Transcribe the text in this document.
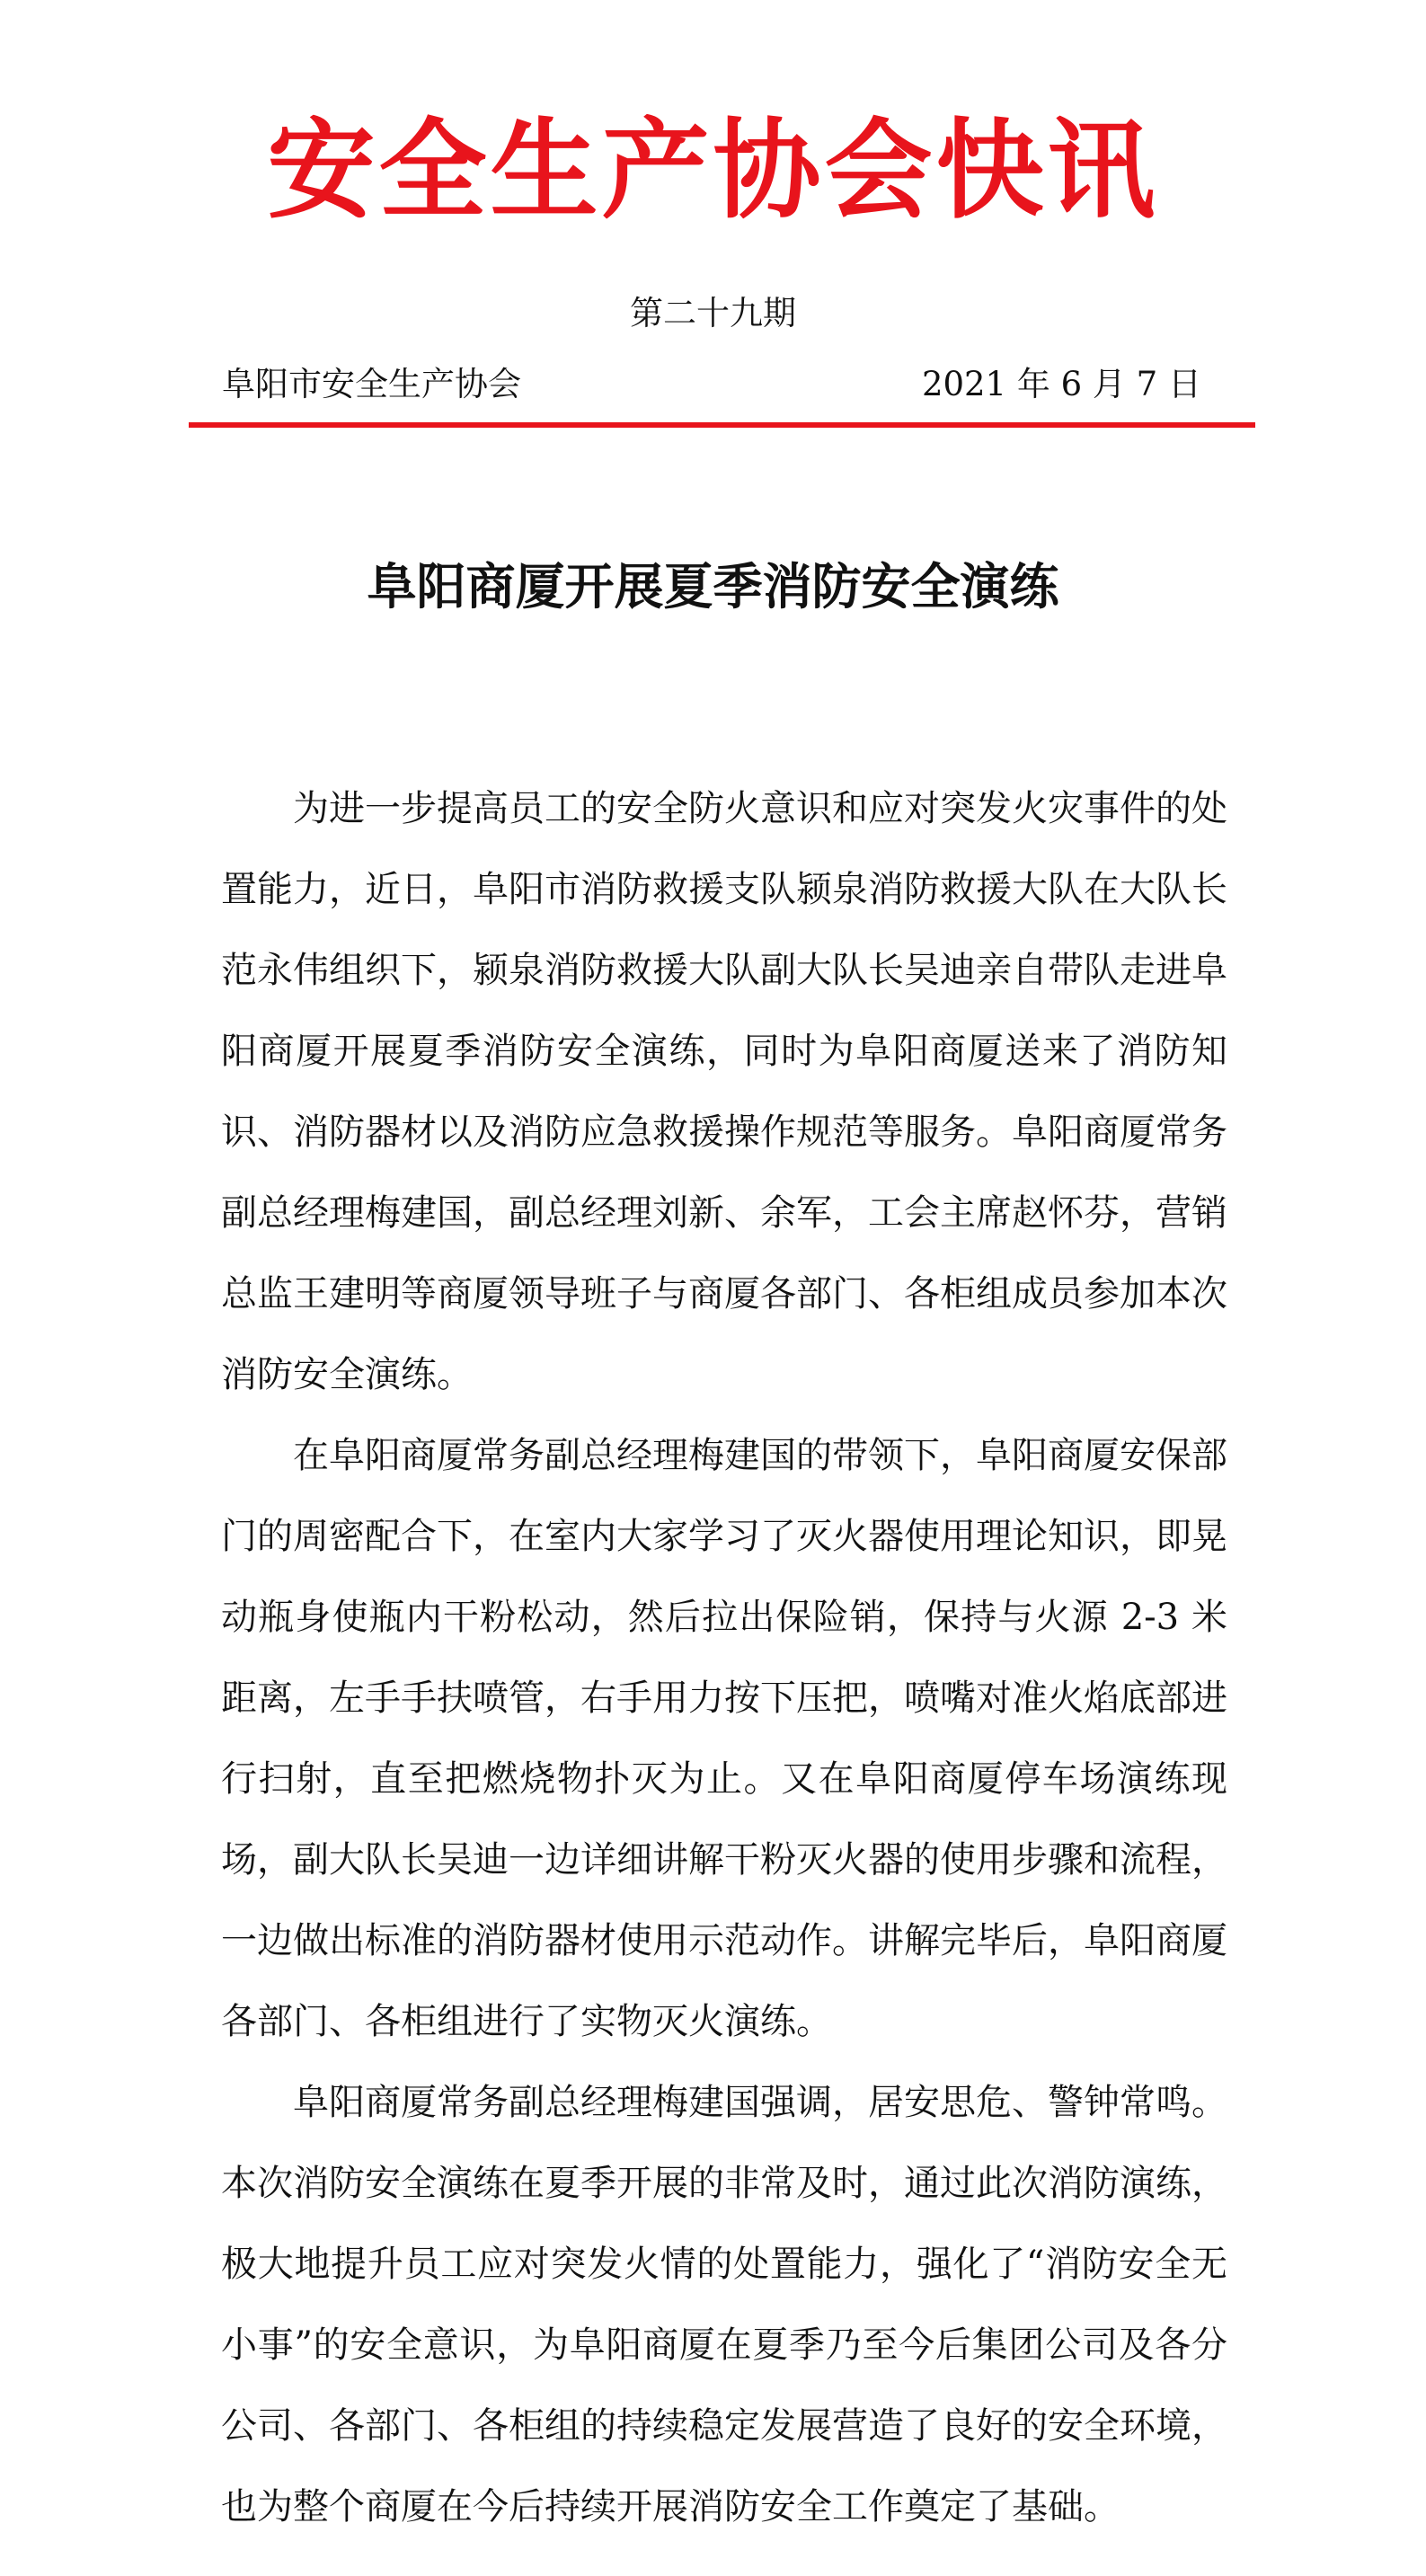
安全生产协会快讯
第二十九期
阜阳市安全生产协会	2021 年 6 月 7 日
阜阳商厦开展夏季消防安全演练

为进一步提高员工的安全防火意识和应对突发火灾事件的处置能力，近日，阜阳市消防救援支队颍泉消防救援大队在大队长范永伟组织下，颍泉消防救援大队副大队长吴迪亲自带队走进阜阳商厦开展夏季消防安全演练，同时为阜阳商厦送来了消防知识、消防器材以及消防应急救援操作规范等服务。阜阳商厦常务副总经理梅建国，副总经理刘新、余军，工会主席赵怀芬，营销总监王建明等商厦领导班子与商厦各部门、各柜组成员参加本次消防安全演练。

在阜阳商厦常务副总经理梅建国的带领下，阜阳商厦安保部门的周密配合下，在室内大家学习了灭火器使用理论知识，即晃动瓶身使瓶内干粉松动，然后拉出保险销，保持与火源 2-3 米距离，左手手扶喷管，右手用力按下压把，喷嘴对准火焰底部进行扫射，直至把燃烧物扑灭为止。又在阜阳商厦停车场演练现场，副大队长吴迪一边详细讲解干粉灭火器的使用步骤和流程，一边做出标准的消防器材使用示范动作。讲解完毕后，阜阳商厦各部门、各柜组进行了实物灭火演练。

阜阳商厦常务副总经理梅建国强调，居安思危、警钟常鸣。本次消防安全演练在夏季开展的非常及时，通过此次消防演练，极大地提升员工应对突发火情的处置能力，强化了“消防安全无小事”的安全意识，为阜阳商厦在夏季乃至今后集团公司及各分公司、各部门、各柜组的持续稳定发展营造了良好的安全环境，也为整个商厦在今后持续开展消防安全工作奠定了基础。
